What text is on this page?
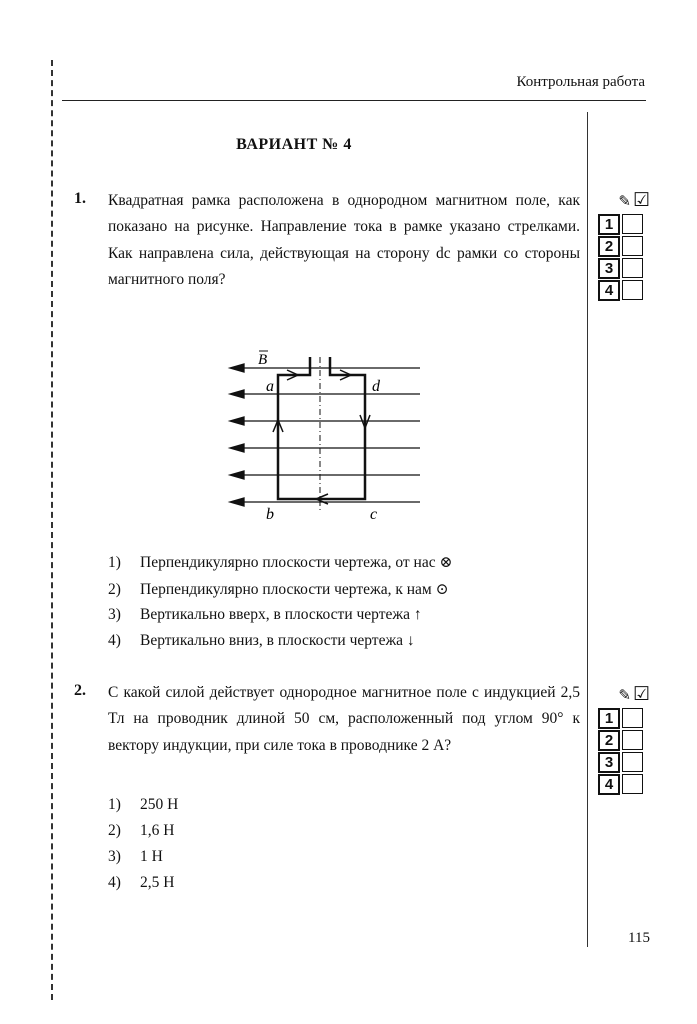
Контрольная работа
ВАРИАНТ № 4
1. Квадратная рамка расположена в однородном магнитном поле, как показано на рисунке. Направление тока в рамке указано стрелками. Как направлена сила, действующая на сторону dc рамки со стороны магнитного поля?
B
a	d
b	c
1) Перпендикулярно плоскости чертежа, от нас ⊗
2) Перпендикулярно плоскости чертежа, к нам ⊙
3) Вертикально вверх, в плоскости чертежа ↑
4) Вертикально вниз, в плоскости чертежа ↓
✎ ☑
1
2
3
4
2. С какой силой действует однородное магнитное поле с индукцией 2,5 Тл на проводник длиной 50 см, расположенный под углом 90° к вектору индукции, при силе тока в проводнике 2 А?
1) 250 Н
2) 1,6 Н
3) 1 Н
4) 2,5 Н
✎ ☑
1
2
3
4
115
